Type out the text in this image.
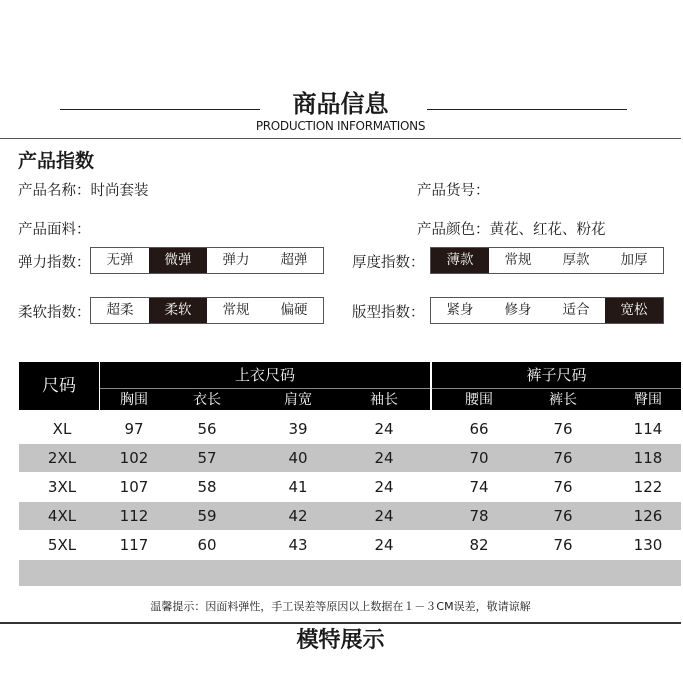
商品信息
PRODUCTION INFORMATIONS
产品指数
产品名称：时尚套装	产品货号：
产品面料：	产品颜色：黄花、红花、粉花
弹力指数：	无弹	微弹	弹力	超弹	厚度指数：	薄款	常规	厚款	加厚
柔软指数：	超柔	柔软	常规	偏硬	版型指数：	紧身	修身	适合	宽松
尺码
上衣尺码	裤子尺码
胸围	衣长	肩宽	袖长	腰围	裤长	臀围
XL	97	56	39	24	66	76	114
2XL	102	57	40	24	70	76	118
3XL	107	58	41	24	74	76	122
4XL	112	59	42	24	78	76	126
5XL	117	60	43	24	82	76	130
温馨提示：因面料弹性，手工误差等原因以上数据在１－３CM误差，敬请谅解
模特展示
